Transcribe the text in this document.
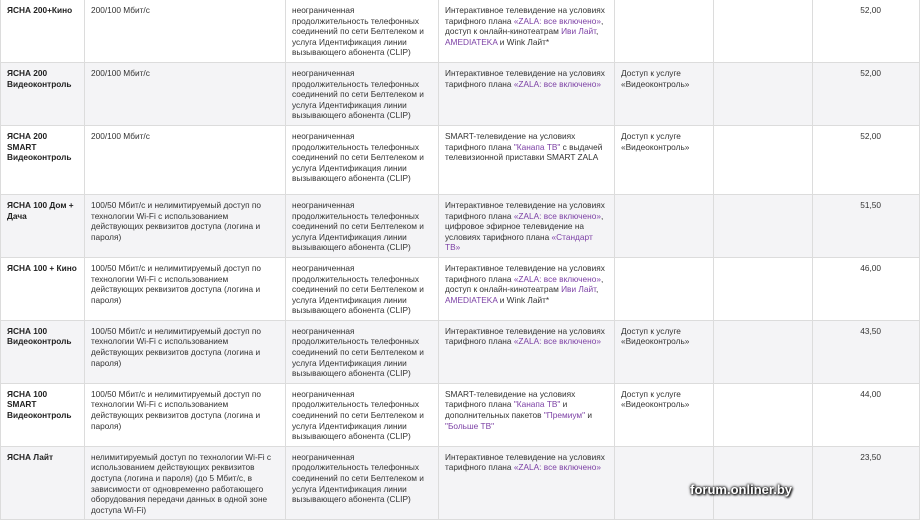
ЯСНА 200+Кино	200/100 Мбит/с	неограниченная продолжительность телефонных соединений по сети Белтелеком и услуга Идентификация линии вызывающего абонента (CLIP)	Интерактивное телевидение на условиях тарифного плана «ZALA: все включено», доступ к онлайн-кинотеатрам Иви Лайт, AMEDIATEKA и Wink Лайт*			52,00
ЯСНА 200 Видеоконтроль	200/100 Мбит/с	неограниченная продолжительность телефонных соединений по сети Белтелеком и услуга Идентификация линии вызывающего абонента (CLIP)	Интерактивное телевидение на условиях тарифного плана «ZALA: все включено»	Доступ к услуге «Видеоконтроль»		52,00
ЯСНА 200 SMART Видеоконтроль	200/100 Мбит/с	неограниченная продолжительность телефонных соединений по сети Белтелеком и услуга Идентификация линии вызывающего абонента (CLIP)	SMART-телевидение на условиях тарифного плана "Канапа ТВ" с выдачей телевизионной приставки SMART ZALA	Доступ к услуге «Видеоконтроль»		52,00
ЯСНА 100 Дом + Дача	100/50 Мбит/с и нелимитируемый доступ по технологии Wi-Fi с использованием действующих реквизитов доступа (логина и пароля)	неограниченная продолжительность телефонных соединений по сети Белтелеком и услуга Идентификация линии вызывающего абонента (CLIP)	Интерактивное телевидение на условиях тарифного плана «ZALA: все включено», цифровое эфирное телевидение на условиях тарифного плана «Стандарт ТВ»			51,50
ЯСНА 100 + Кино	100/50 Мбит/с и нелимитируемый доступ по технологии Wi-Fi с использованием действующих реквизитов доступа (логина и пароля)	неограниченная продолжительность телефонных соединений по сети Белтелеком и услуга Идентификация линии вызывающего абонента (CLIP)	Интерактивное телевидение на условиях тарифного плана «ZALA: все включено», доступ к онлайн-кинотеатрам Иви Лайт, AMEDIATEKA и Wink Лайт*			46,00
ЯСНА 100 Видеоконтроль	100/50 Мбит/с и нелимитируемый доступ по технологии Wi-Fi с использованием действующих реквизитов доступа (логина и пароля)	неограниченная продолжительность телефонных соединений по сети Белтелеком и услуга Идентификация линии вызывающего абонента (CLIP)	Интерактивное телевидение на условиях тарифного плана «ZALA: все включено»	Доступ к услуге «Видеоконтроль»		43,50
ЯСНА 100 SMART Видеоконтроль	100/50 Мбит/с и нелимитируемый доступ по технологии Wi-Fi с использованием действующих реквизитов доступа (логина и пароля)	неограниченная продолжительность телефонных соединений по сети Белтелеком и услуга Идентификация линии вызывающего абонента (CLIP)	SMART-телевидение на условиях тарифного плана "Канапа ТВ" и дополнительных пакетов "Премиум" и "Больше ТВ"	Доступ к услуге «Видеоконтроль»		44,00
ЯСНА Лайт	нелимитируемый доступ по технологии Wi-Fi с использованием действующих реквизитов доступа (логина и пароля) (до 5 Мбит/с, в зависимости от одновременно работающего оборудования передачи данных в одной зоне доступа Wi-Fi)	неограниченная продолжительность телефонных соединений по сети Белтелеком и услуга Идентификация линии вызывающего абонента (CLIP)	Интерактивное телевидение на условиях тарифного плана «ZALA: все включено»			23,50
forum.onliner.by
